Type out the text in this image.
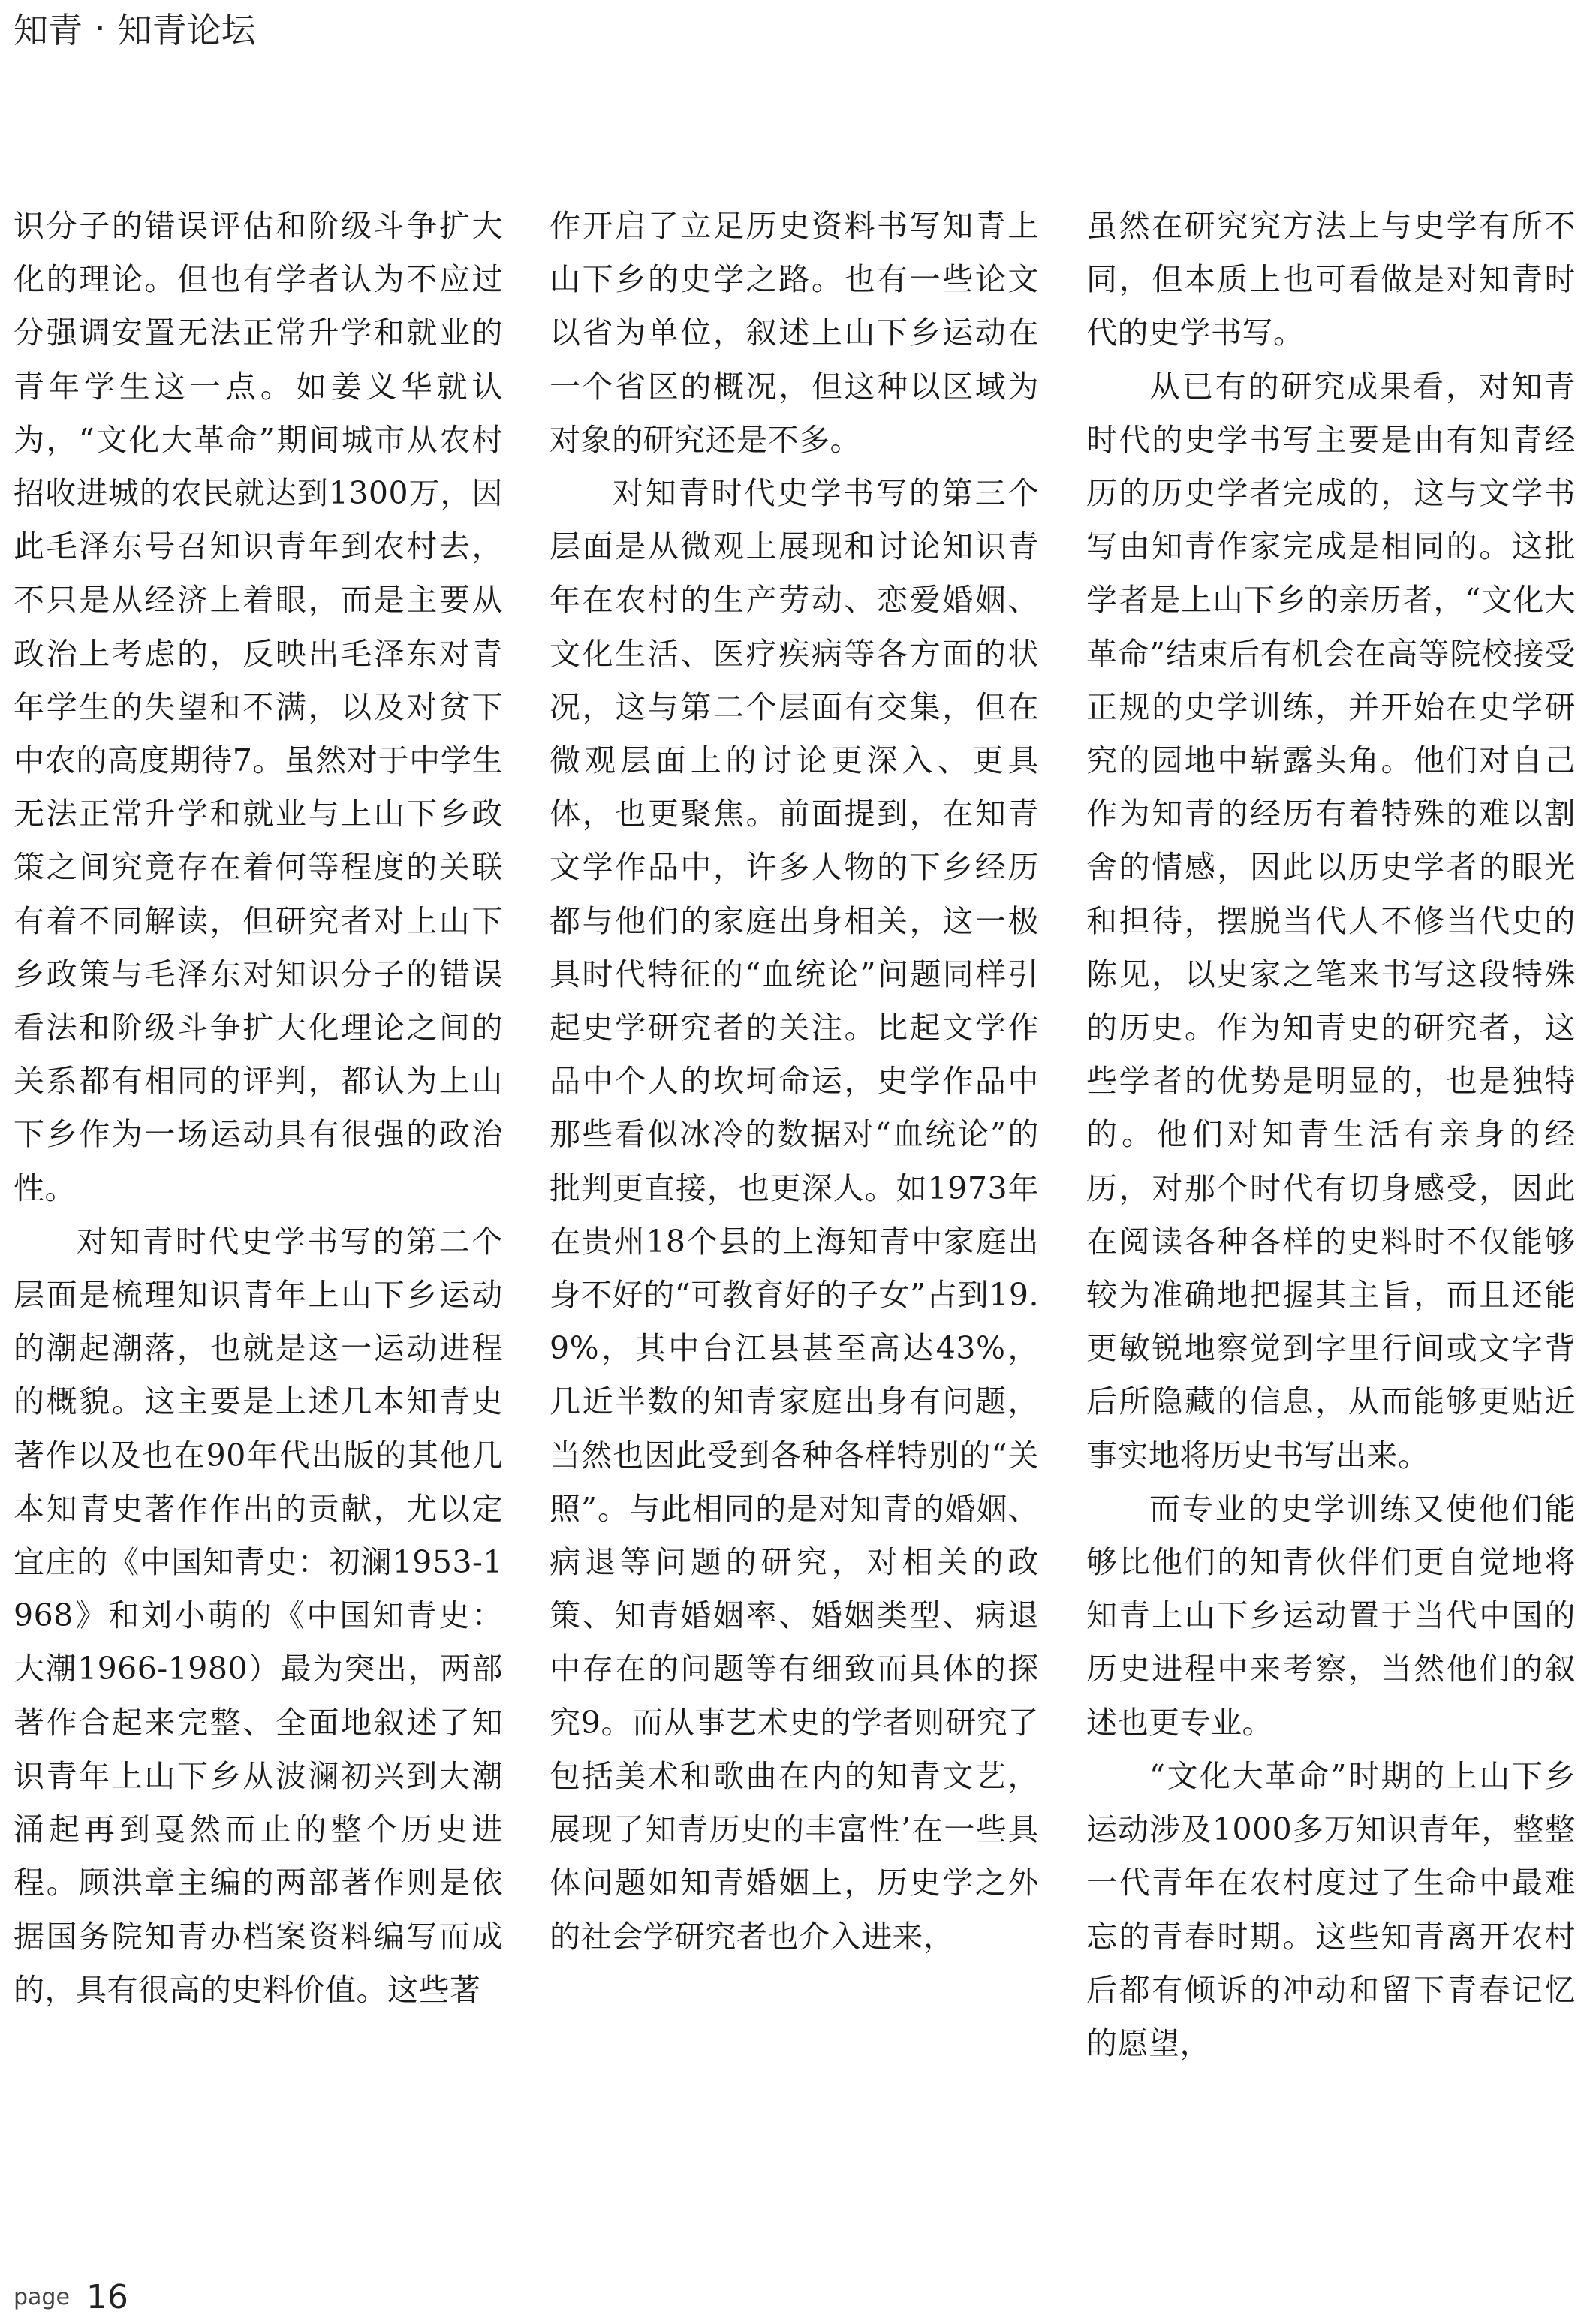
知青 · 知青论坛

识分子的错误评估和阶级斗争扩大化的理论。但也有学者认为不应过分强调安置无法正常升学和就业的青年学生这一点。如姜义华就认为，“文化大革命”期间城市从农村招收进城的农民就达到1300万，因此毛泽东号召知识青年到农村去，不只是从经济上着眼，而是主要从政治上考虑的，反映出毛泽东对青年学生的失望和不满，以及对贫下中农的高度期待7。虽然对于中学生无法正常升学和就业与上山下乡政策之间究竟存在着何等程度的关联有着不同解读，但研究者对上山下乡政策与毛泽东对知识分子的错误看法和阶级斗争扩大化理论之间的关系都有相同的评判，都认为上山下乡作为一场运动具有很强的政治性。

对知青时代史学书写的第二个层面是梳理知识青年上山下乡运动的潮起潮落，也就是这一运动进程的概貌。这主要是上述几本知青史著作以及也在90年代出版的其他几本知青史著作作出的贡献，尤以定宜庄的《中国知青史：初澜1953-1968》和刘小萌的《中国知青史：大潮1966-1980）最为突出，两部著作合起来完整、全面地叙述了知识青年上山下乡从波澜初兴到大潮涌起再到戛然而止的整个历史进程。顾洪章主编的两部著作则是依据国务院知青办档案资料编写而成的，具有很高的史料价值。这些著

作开启了立足历史资料书写知青上山下乡的史学之路。也有一些论文以省为单位，叙述上山下乡运动在一个省区的概况，但这种以区域为对象的研究还是不多。

对知青时代史学书写的第三个层面是从微观上展现和讨论知识青年在农村的生产劳动、恋爱婚姻、文化生活、医疗疾病等各方面的状况，这与第二个层面有交集，但在微观层面上的讨论更深入、更具体，也更聚焦。前面提到，在知青文学作品中，许多人物的下乡经历都与他们的家庭出身相关，这一极具时代特征的“血统论”问题同样引起史学研究者的关注。比起文学作品中个人的坎坷命运，史学作品中那些看似冰冷的数据对“血统论”的批判更直接，也更深人。如1973年在贵州18个县的上海知青中家庭出身不好的“可教育好的子女”占到19.9%，其中台江县甚至高达43%，几近半数的知青家庭出身有问题，当然也因此受到各种各样特别的“关照”。与此相同的是对知青的婚姻、病退等问题的研究，对相关的政策、知青婚姻率、婚姻类型、病退中存在的问题等有细致而具体的探究9。而从事艺术史的学者则研究了包括美术和歌曲在内的知青文艺，展现了知青历史的丰富性’在一些具体问题如知青婚姻上，历史学之外的社会学研究者也介入进来，

虽然在研究究方法上与史学有所不同，但本质上也可看做是对知青时代的史学书写。

从已有的研究成果看，对知青时代的史学书写主要是由有知青经历的历史学者完成的，这与文学书写由知青作家完成是相同的。这批学者是上山下乡的亲历者，“文化大革命”结束后有机会在高等院校接受正规的史学训练，并开始在史学研究的园地中崭露头角。他们对自己作为知青的经历有着特殊的难以割舍的情感，因此以历史学者的眼光和担待，摆脱当代人不修当代史的陈见，以史家之笔来书写这段特殊的历史。作为知青史的研究者，这些学者的优势是明显的，也是独特的。他们对知青生活有亲身的经历，对那个时代有切身感受，因此在阅读各种各样的史料时不仅能够较为准确地把握其主旨，而且还能更敏锐地察觉到字里行间或文字背后所隐藏的信息，从而能够更贴近事实地将历史书写出来。

而专业的史学训练又使他们能够比他们的知青伙伴们更自觉地将知青上山下乡运动置于当代中国的历史进程中来考察，当然他们的叙述也更专业。

“文化大革命”时期的上山下乡运动涉及1000多万知识青年，整整一代青年在农村度过了生命中最难忘的青春时期。这些知青离开农村后都有倾诉的冲动和留下青春记忆的愿望，

page 16
